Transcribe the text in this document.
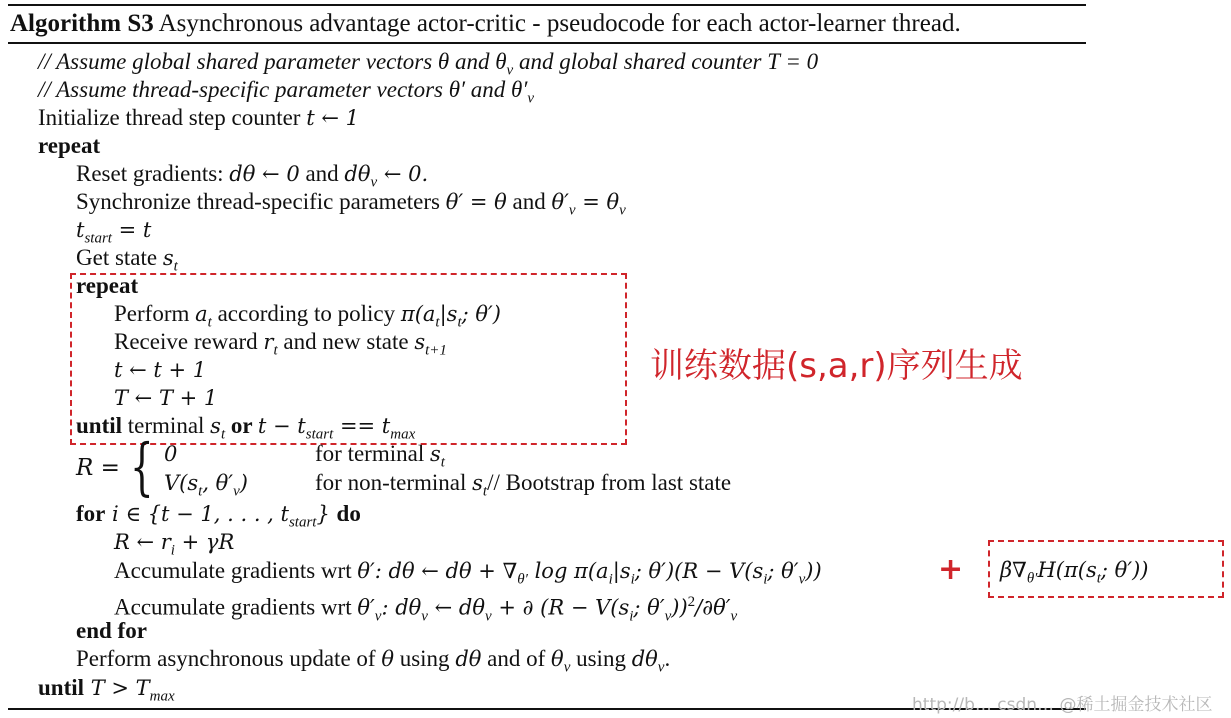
Algorithm S3 Asynchronous advantage actor-critic - pseudocode for each actor-learner thread.
// Assume global shared parameter vectors θ and $\theta_v$ and global shared counter T = 0
// Assume thread-specific parameter vectors θ′ and $\theta'_v$
Initialize thread step counter t ← 1
repeat
Reset gradients: dθ ← 0 and $d\theta_v$ ← 0.
Synchronize thread-specific parameters θ′ = θ and $\theta'_v = \theta_v$
$t_{start} = t$
Get state $s_t$
repeat
Perform $a_t$ according to policy $\pi(a_t|s_t$; θ′)
Receive reward $r_t$ and new state $s_{t+1}$
t ← t + 1
T ← T + 1
until terminal $s_t$ or $t - t_{start} == t_{max}$
训练数据(s,a,r)序列生成
R = { 0	for terminal $s_t$
$V(s_t$, $\theta'_v$)	for non-terminal $s_t//$ Bootstrap from last state
for i ∈ {t − 1, . . . , $t_{start}$} do
R ← $r_i + \gamma R$
Accumulate gradients wrt θ′: dθ ← $d\theta + \nabla_{\theta'}$ $\log \pi(a_i|s_i$; $\theta')(R - V(s_i$; $\theta'_v$))	+ $\beta\nabla_{\theta'}H(\pi(s_t$; θ′))
Accumulate gradients wrt $\theta'_v$: $d\theta_v$ ← $d\theta_v$ + ∂ ($R - V(s_i$; $\theta'_v))^2/\partial\theta'_v$
end for
Perform asynchronous update of θ using dθ and of $\theta_v$ using $d\theta_v$.
until $T > T_{max}$	http://b… csdn… @稀土掘金技术社区
